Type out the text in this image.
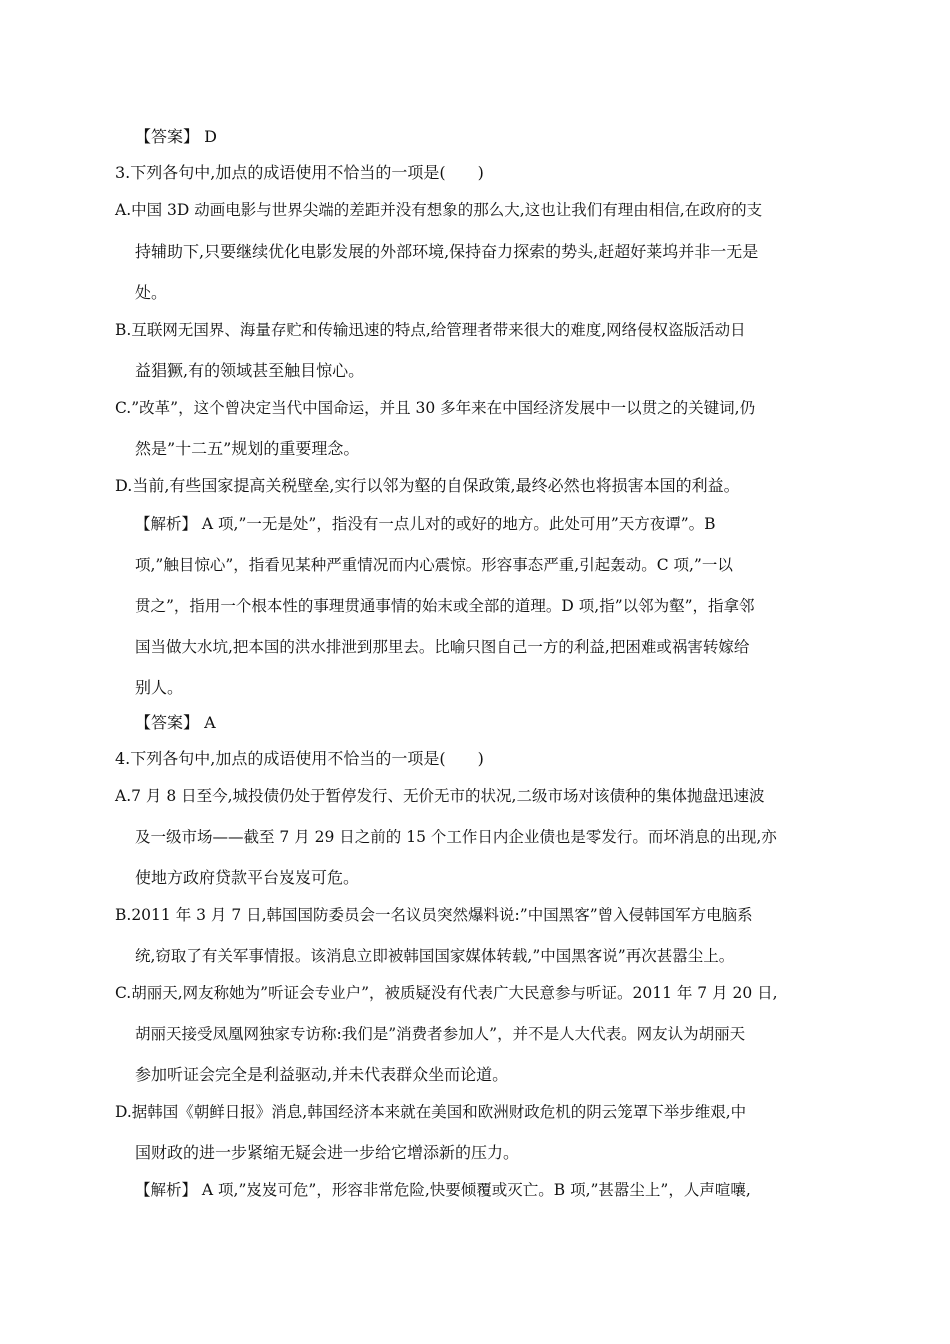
【答案】 D
3.下列各句中,加点的成语使用不恰当的一项是(　　)
A.中国 3D 动画电影与世界尖端的差距并没有想象的那么大,这也让我们有理由相信,在政府的支
持辅助下,只要继续优化电影发展的外部环境,保持奋力探索的势头,赶超好莱坞并非一无是
处。
B.互联网无国界、海量存贮和传输迅速的特点,给管理者带来很大的难度,网络侵权盗版活动日
益猖獗,有的领域甚至触目惊心。
C.”改革”，这个曾决定当代中国命运，并且 30 多年来在中国经济发展中一以贯之的关键词,仍
然是”十二五”规划的重要理念。
D.当前,有些国家提高关税壁垒,实行以邻为壑的自保政策,最终必然也将损害本国的利益。
【解析】 A 项,”一无是处”，指没有一点儿对的或好的地方。此处可用”天方夜谭”。B
项,”触目惊心”，指看见某种严重情况而内心震惊。形容事态严重,引起轰动。C 项,”一以
贯之”，指用一个根本性的事理贯通事情的始末或全部的道理。D 项,指”以邻为壑”，指拿邻
国当做大水坑,把本国的洪水排泄到那里去。比喻只图自己一方的利益,把困难或祸害转嫁给
别人。
【答案】 A
4.下列各句中,加点的成语使用不恰当的一项是(　　)
A.7 月 8 日至今,城投债仍处于暂停发行、无价无市的状况,二级市场对该债种的集体抛盘迅速波
及一级市场——截至 7 月 29 日之前的 15 个工作日内企业债也是零发行。而坏消息的出现,亦
使地方政府贷款平台岌岌可危。
B.2011 年 3 月 7 日,韩国国防委员会一名议员突然爆料说:”中国黑客”曾入侵韩国军方电脑系
统,窃取了有关军事情报。该消息立即被韩国国家媒体转载,”中国黑客说”再次甚嚣尘上。
C.胡丽天,网友称她为”听证会专业户”，被质疑没有代表广大民意参与听证。2011 年 7 月 20 日,
胡丽天接受凤凰网独家专访称:我们是”消费者参加人”，并不是人大代表。网友认为胡丽天
参加听证会完全是利益驱动,并未代表群众坐而论道。
D.据韩国《朝鲜日报》消息,韩国经济本来就在美国和欧洲财政危机的阴云笼罩下举步维艰,中
国财政的进一步紧缩无疑会进一步给它增添新的压力。
【解析】 A 项,”岌岌可危”，形容非常危险,快要倾覆或灭亡。B 项,”甚嚣尘上”，人声喧嚷,
